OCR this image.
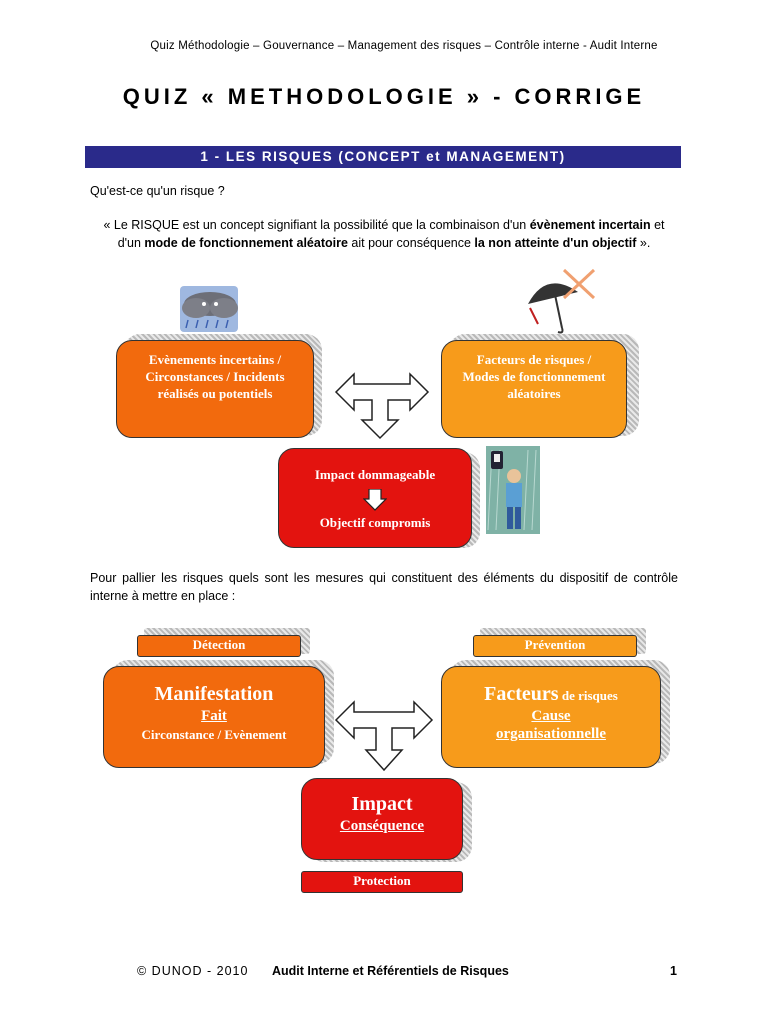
Quiz Méthodologie – Gouvernance – Management des risques – Contrôle interne - Audit Interne
QUIZ « METHODOLOGIE » - CORRIGE
1 - LES RISQUES (CONCEPT et MANAGEMENT)
Qu'est-ce qu'un risque ?
« Le RISQUE est un concept signifiant la possibilité que la combinaison d'un évènement incertain et d'un mode de fonctionnement aléatoire ait pour conséquence la non atteinte d'un objectif ».
Evènements incertains / Circonstances / Incidents réalisés ou potentiels
Facteurs de risques / Modes de fonctionnement aléatoires
Impact dommageable
Objectif compromis
Pour pallier les risques quels sont les mesures qui constituent des éléments du dispositif de contrôle interne à mettre en place :
Détection	Prévention
Manifestation
Fait
Circonstance / Evènement
Facteurs de risques
Cause
organisationnelle
Impact
Conséquence
Protection
© DUNOD - 2010 Audit Interne et Référentiels de Risques	1
